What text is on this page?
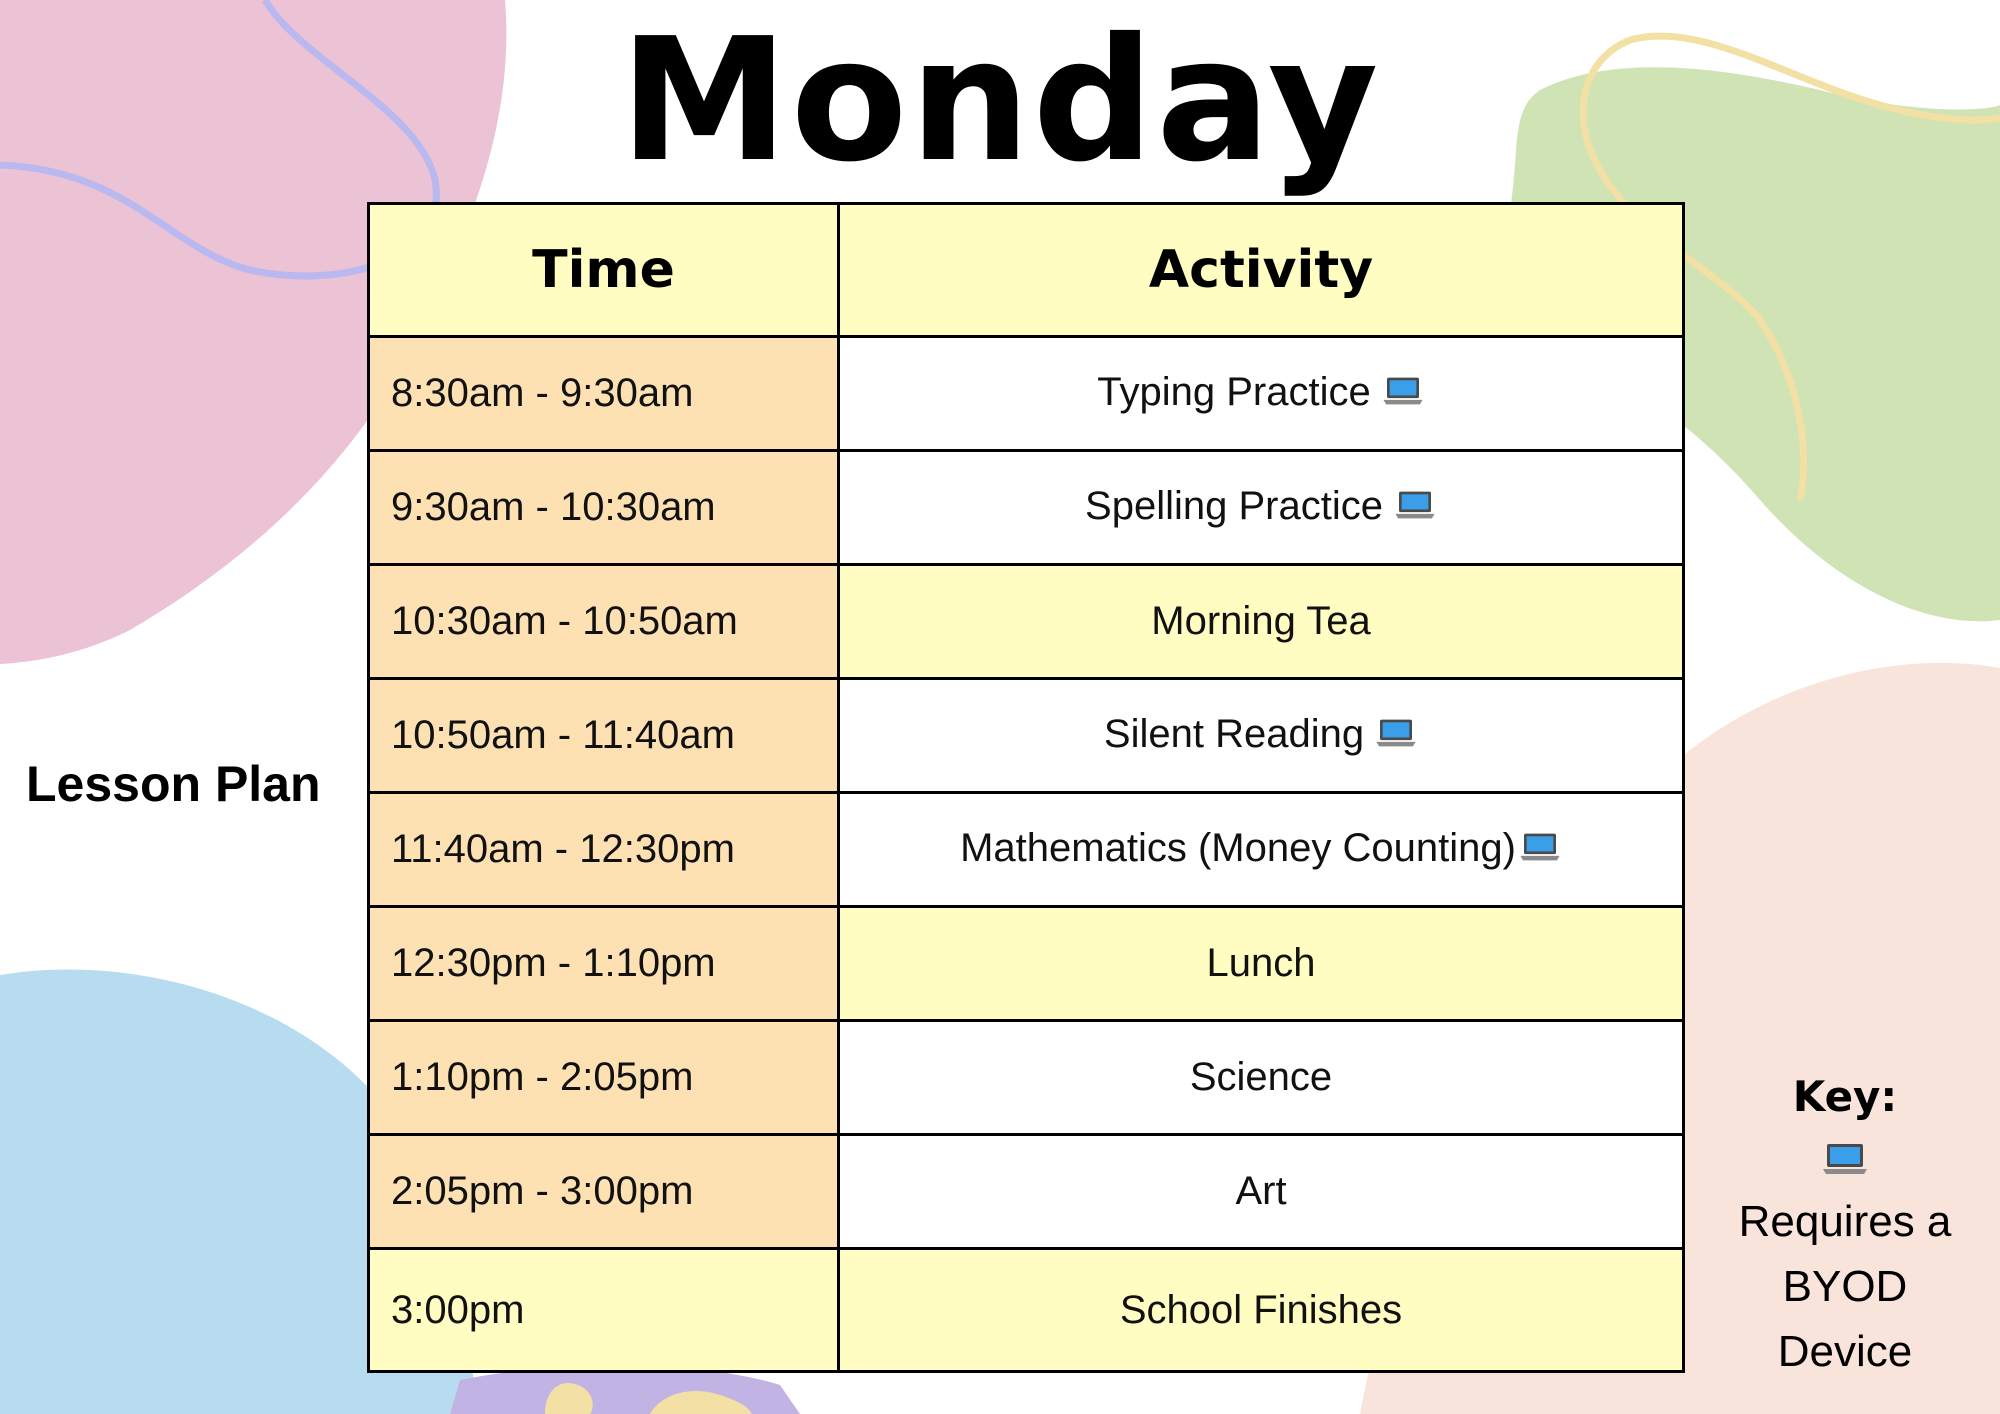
Monday
Lesson Plan
Time	Activity
8:30am - 9:30am	Typing Practice
9:30am - 10:30am	Spelling Practice
10:30am - 10:50am	Morning Tea
10:50am - 11:40am	Silent Reading
11:40am - 12:30pm	Mathematics (Money Counting)
12:30pm - 1:10pm	Lunch
1:10pm - 2:05pm	Science
2:05pm - 3:00pm	Art
3:00pm	School Finishes
Key:
Requires a
BYOD
Device
